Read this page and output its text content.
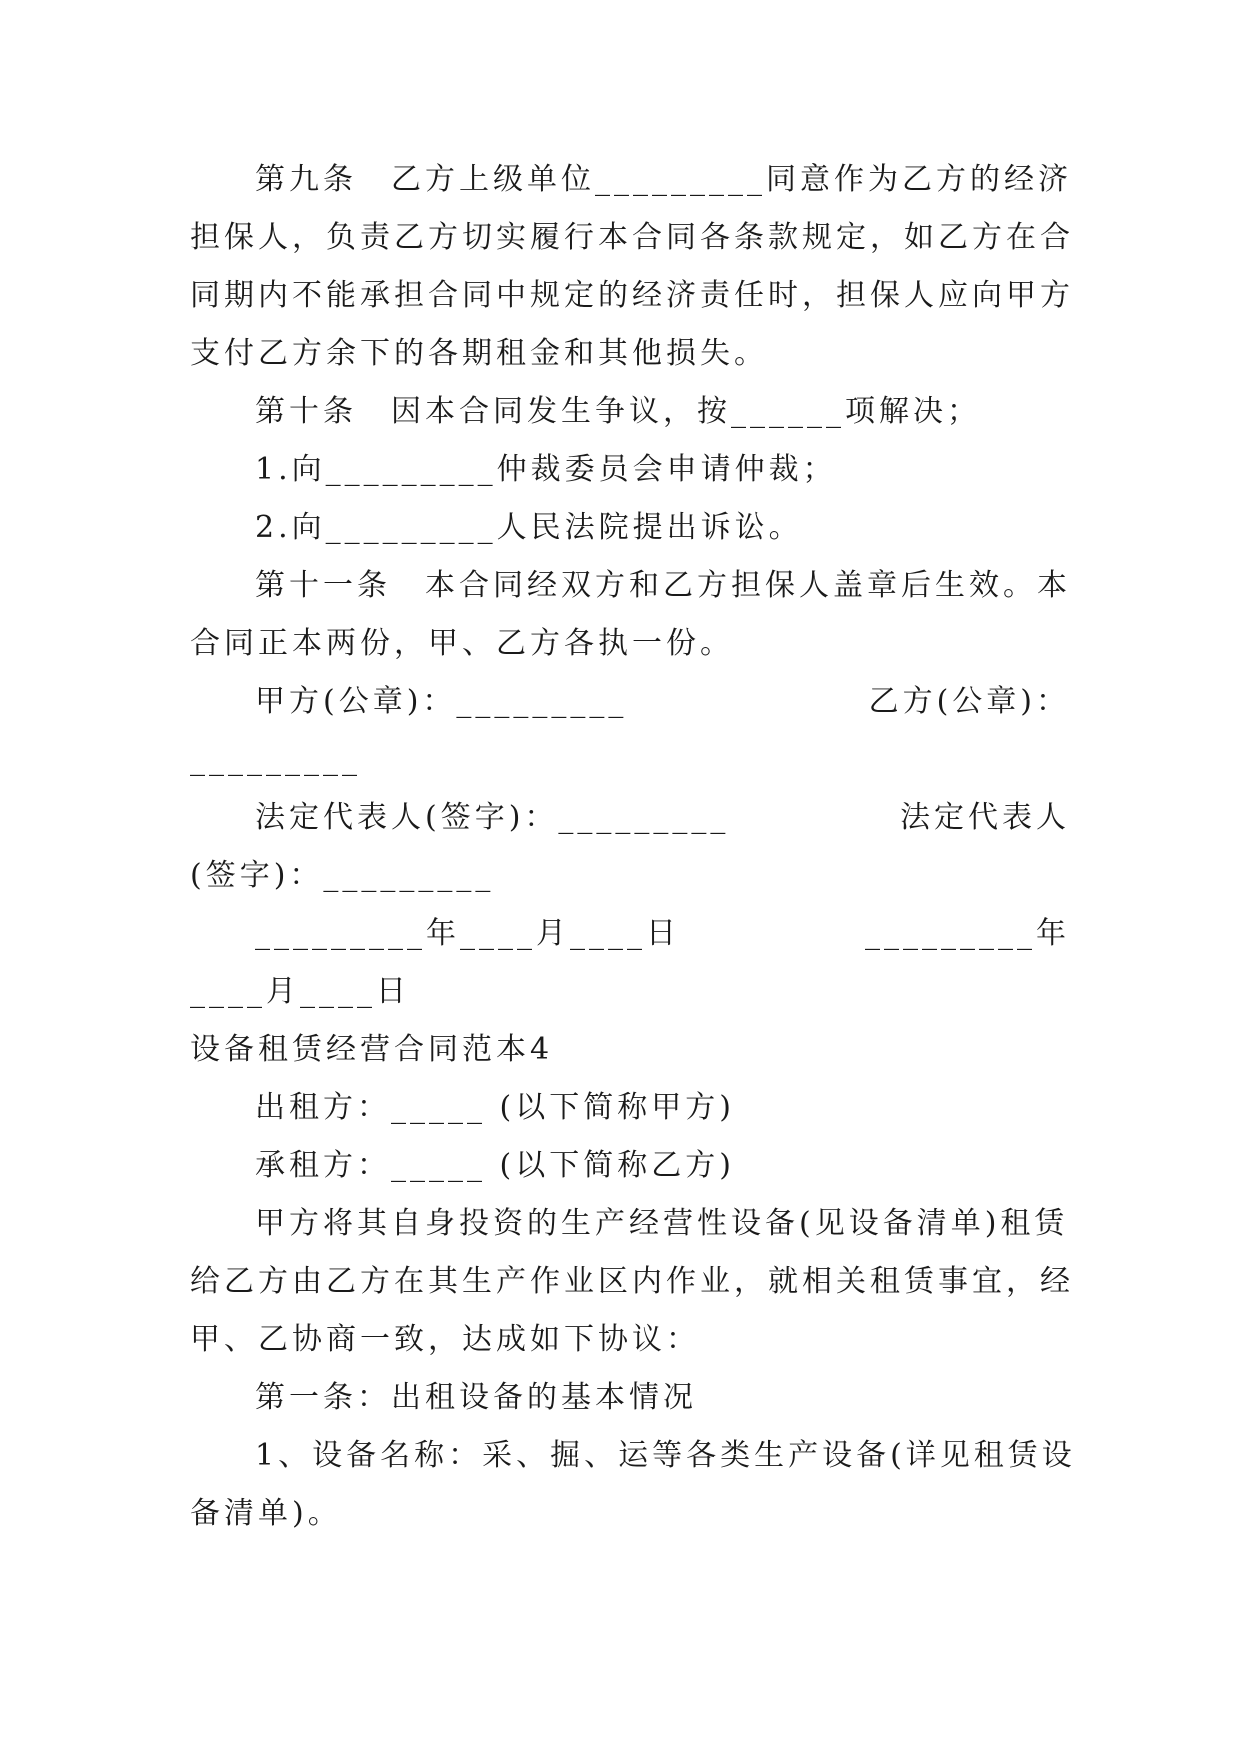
第九条　乙方上级单位_________同意作为乙方的经济
担保人，负责乙方切实履行本合同各条款规定，如乙方在合
同期内不能承担合同中规定的经济责任时，担保人应向甲方
支付乙方余下的各期租金和其他损失。
第十条　因本合同发生争议，按______项解决；
1.向_________仲裁委员会申请仲裁；
2.向_________人民法院提出诉讼。
第十一条　本合同经双方和乙方担保人盖章后生效。本
合同正本两份，甲、乙方各执一份。
甲方(公章)：_________	乙方(公章)：
_________
法定代表人(签字)：_________	法定代表人
(签字)：_________
_________年____月____日	_________年
____月____日
设备租赁经营合同范本4
出租方：_____ (以下简称甲方)
承租方：_____ (以下简称乙方)
甲方将其自身投资的生产经营性设备(见设备清单)租赁
给乙方由乙方在其生产作业区内作业，就相关租赁事宜，经
甲、乙协商一致，达成如下协议：
第一条：出租设备的基本情况
1、设备名称：采、掘、运等各类生产设备(详见租赁设
备清单)。
